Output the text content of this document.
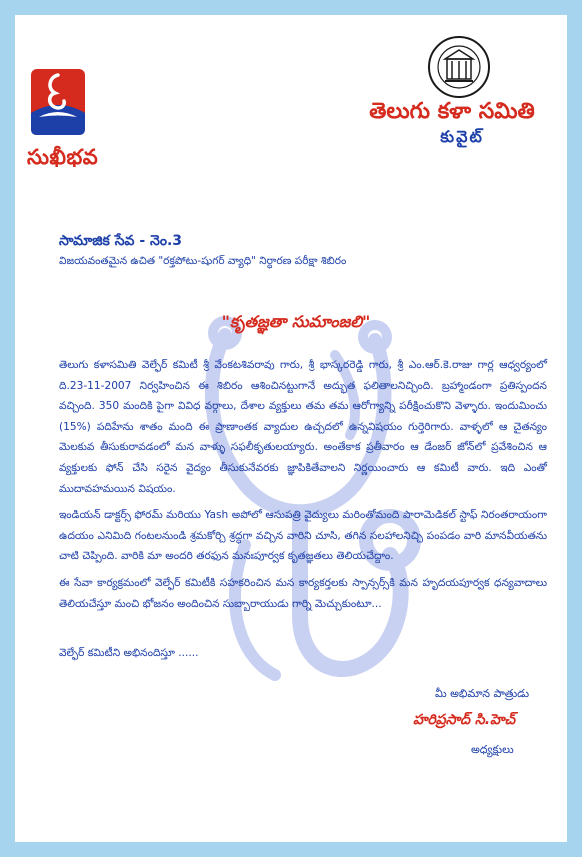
సుఖీభవ
తెలుగు కళా సమితి
కువైట్
సామాజిక సేవ - నెం.3
విజయవంతమైన ఉచిత "రక్తపోటు-షుగర్ వ్యాధి" నిర్ధారణ పరీక్షా శిబిరం
"కృతజ్ఞతా సుమాంజలి"

తెలుగు కళాసమితి వెల్ఫేర్ కమిటీ శ్రీ వేంకటశివరావు గారు, శ్రీ భాస్కరరెడ్డి గారు, శ్రీ ఎం.ఆర్.కె.రాజు గార్ల ఆధ్వర్యంలో ది.23-11-2007 నిర్వహించిన ఈ శిబిరం ఆశించినట్టుగానే అద్భుత ఫలితాలనిచ్చింది. బ్రహ్మాండంగా ప్రతిస్పందన వచ్చింది. 350 మందికి పైగా వివిధ వర్గాలు, దేశాల వ్యక్తులు తమ తమ ఆరోగ్యాన్ని పరీక్షించుకొని వెళ్ళారు. ఇందుమించు (15%) పదిహేను శాతం మంది ఈ ప్రాణాంతక వ్యాదుల ఉచ్చదలో ఉన్నవిషయం గుర్తెరిగారు. వాళ్ళలో ఆ చైతన్యం మెలకువ తీసుకురావడంలో మన వాళ్ళు సఫలీకృతులయ్యారు. అంతేకాక ప్రతీవారం ఆ డేంజర్ జోన్‌లో ప్రవేశించిన ఆ వ్యక్తులకు ఫోన్ చేసి సరైన వైద్యం తీసుకునేవరకు జ్ఞాపికితేవాలని నిర్ణయించారు ఆ కమిటీ వారు. ఇది ఎంతో ముదావహమయిన విషయం.

ఇండియన్ డాక్టర్స్ ఫోరమ్ మరియు Yash అపోలో ఆసుపత్రి వైద్యులు మరింతోమంది పారామెడికల్ స్టాఫ్ నిరంతరాయంగా ఉదయం ఎనిమిది గంటలనుండి శ్రమకోర్చి శ్రద్ధగా వచ్చిన వారిని చూసి, తగిన సలహాలనిచ్చి పంపడం వారి మానవీయతను చాటి చెప్పింది. వారికి మా అందరి తరఫున మనఃపూర్వక కృతజ్ఞతలు తెలియచేద్దాం.

ఈ సేవా కార్యక్రమంలో వెల్ఫేర్ కమిటీకి సహకరించిన మన కార్యకర్తలకు స్పాన్సర్స్‌కి మన హృదయపూర్వక ధన్యవాదాలు తెలియచేస్తూ మంచి భోజనం అందించిన సుబ్బారాయుడు గార్ని మెచ్చుకుంటూ...

వెల్ఫేర్ కమిటీని అభినందిస్తూ ......
మీ అభిమాన పాత్రుడు
హరిప్రసాద్ సి.హెచ్
అధ్యక్షులు
